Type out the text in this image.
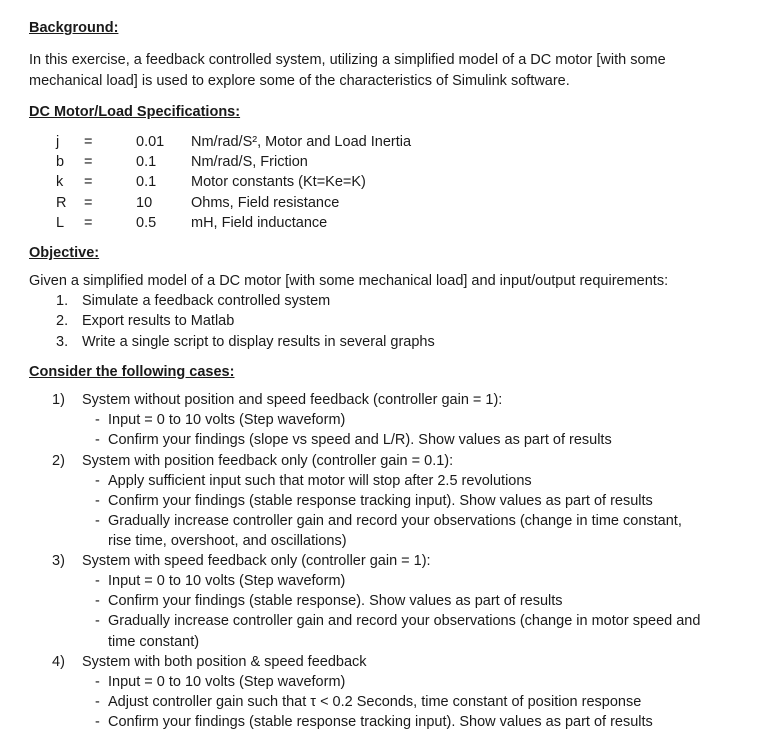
Background:
In this exercise, a feedback controlled system, utilizing a simplified model of a DC motor [with some
mechanical load] is used to explore some of the characteristics of Simulink software.
DC Motor/Load Specifications:
j =	0.01 Nm/rad/S², Motor and Load Inertia
b =	0.1 Nm/rad/S, Friction
k =	0.1 Motor constants (Kt=Ke=K)
R =	10	Ohms, Field resistance
L =	0.5 mH, Field inductance
Objective:
Given a simplified model of a DC motor [with some mechanical load] and input/output requirements:
1. Simulate a feedback controlled system
2. Export results to Matlab
3. Write a single script to display results in several graphs
Consider the following cases:
1) System without position and speed feedback (controller gain = 1):
- Input = 0 to 10 volts (Step waveform)
- Confirm your findings (slope vs speed and L/R). Show values as part of results
2) System with position feedback only (controller gain = 0.1):
- Apply sufficient input such that motor will stop after 2.5 revolutions
- Confirm your findings (stable response tracking input). Show values as part of results
- Gradually increase controller gain and record your observations (change in time constant,
rise time, overshoot, and oscillations)
3) System with speed feedback only (controller gain = 1):
- Input = 0 to 10 volts (Step waveform)
- Confirm your findings (stable response). Show values as part of results
- Gradually increase controller gain and record your observations (change in motor speed and
time constant)
4) System with both position & speed feedback
- Input = 0 to 10 volts (Step waveform)
- Adjust controller gain such that τ < 0.2 Seconds, time constant of position response
- Confirm your findings (stable response tracking input). Show values as part of results
